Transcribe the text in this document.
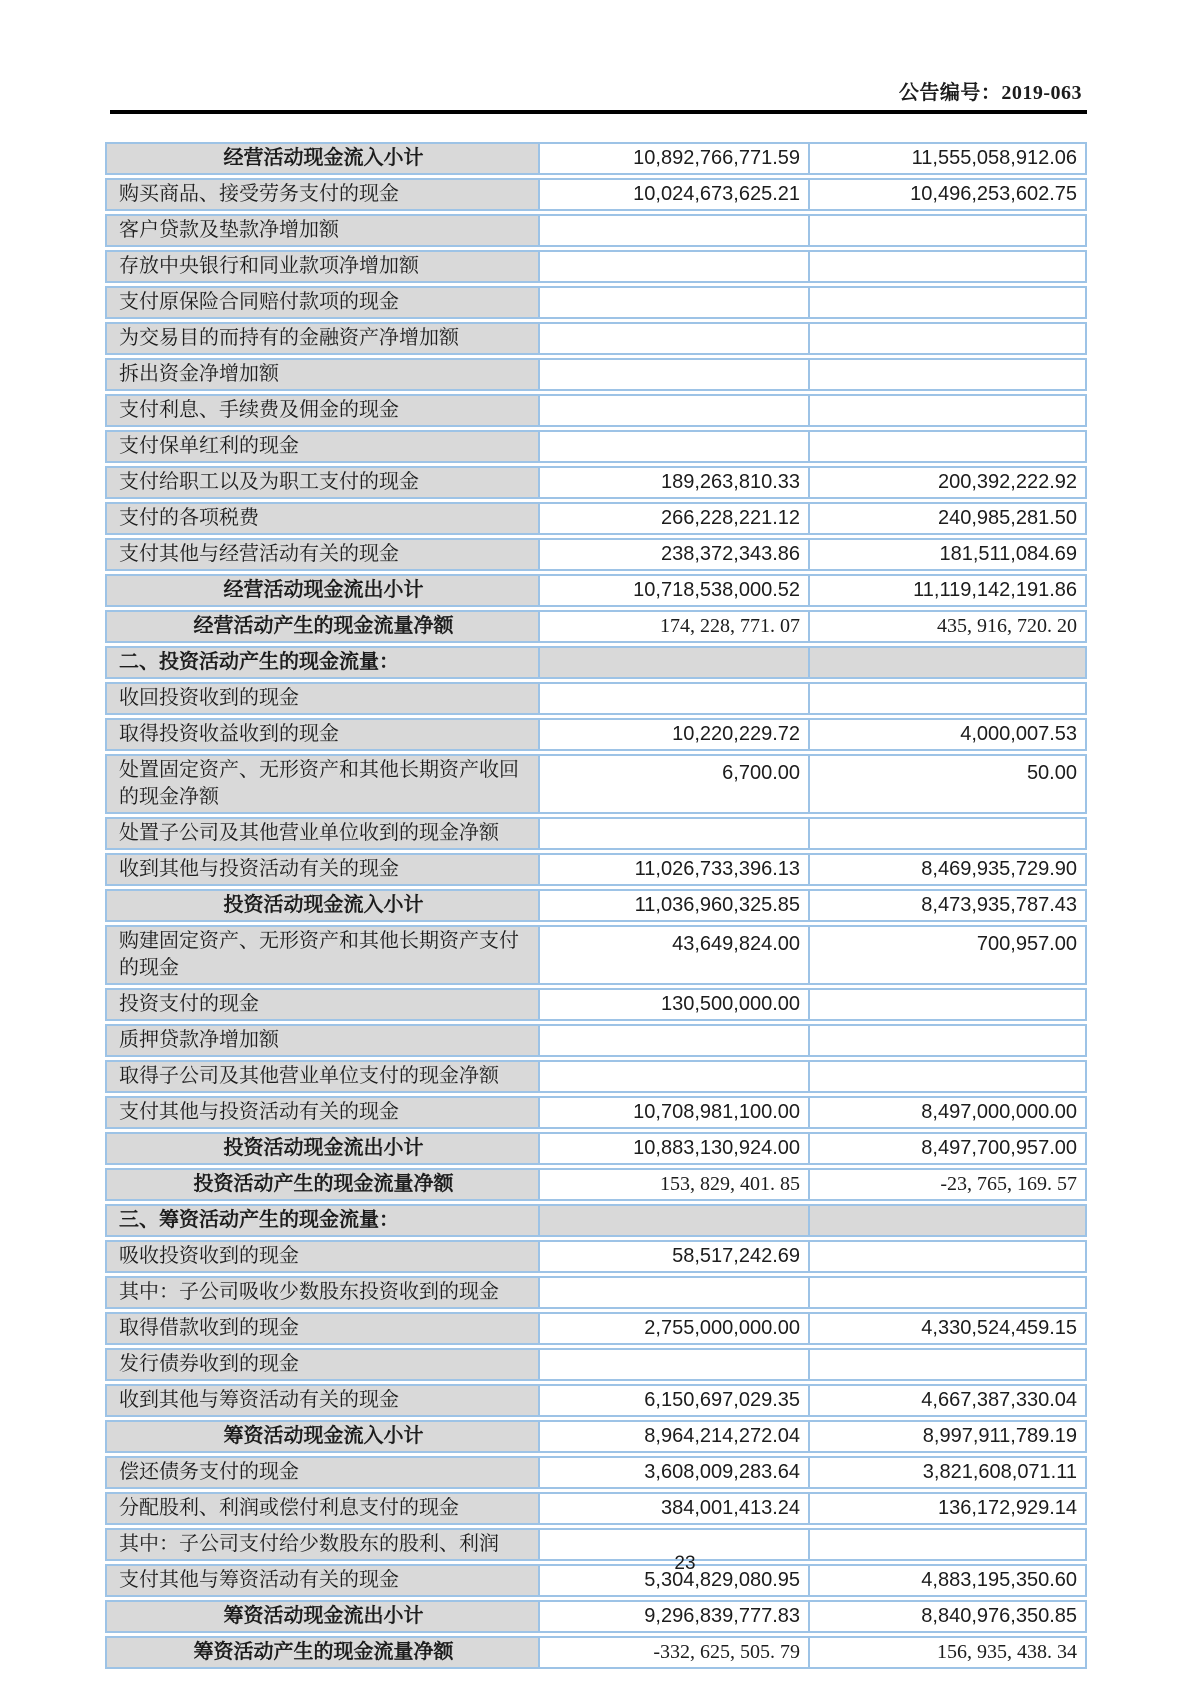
公告编号：2019-063
经营活动现金流入小计	10,892,766,771.59	11,555,058,912.06
购买商品、接受劳务支付的现金	10,024,673,625.21	10,496,253,602.75
客户贷款及垫款净增加额		
存放中央银行和同业款项净增加额		
支付原保险合同赔付款项的现金		
为交易目的而持有的金融资产净增加额		
拆出资金净增加额		
支付利息、手续费及佣金的现金		
支付保单红利的现金		
支付给职工以及为职工支付的现金	189,263,810.33	200,392,222.92
支付的各项税费	266,228,221.12	240,985,281.50
支付其他与经营活动有关的现金	238,372,343.86	181,511,084.69
经营活动现金流出小计	10,718,538,000.52	11,119,142,191.86
经营活动产生的现金流量净额	174, 228, 771. 07	435, 916, 720. 20
二、投资活动产生的现金流量：		
收回投资收到的现金		
取得投资收益收到的现金	10,220,229.72	4,000,007.53
处置固定资产、无形资产和其他长期资产收回的现金净额	6,700.00	50.00
处置子公司及其他营业单位收到的现金净额		
收到其他与投资活动有关的现金	11,026,733,396.13	8,469,935,729.90
投资活动现金流入小计	11,036,960,325.85	8,473,935,787.43
购建固定资产、无形资产和其他长期资产支付的现金	43,649,824.00	700,957.00
投资支付的现金	130,500,000.00	
质押贷款净增加额		
取得子公司及其他营业单位支付的现金净额		
支付其他与投资活动有关的现金	10,708,981,100.00	8,497,000,000.00
投资活动现金流出小计	10,883,130,924.00	8,497,700,957.00
投资活动产生的现金流量净额	153, 829, 401. 85	-23, 765, 169. 57
三、筹资活动产生的现金流量：		
吸收投资收到的现金	58,517,242.69	
其中：子公司吸收少数股东投资收到的现金		
取得借款收到的现金	2,755,000,000.00	4,330,524,459.15
发行债券收到的现金		
收到其他与筹资活动有关的现金	6,150,697,029.35	4,667,387,330.04
筹资活动现金流入小计	8,964,214,272.04	8,997,911,789.19
偿还债务支付的现金	3,608,009,283.64	3,821,608,071.11
分配股利、利润或偿付利息支付的现金	384,001,413.24	136,172,929.14
其中：子公司支付给少数股东的股利、利润		
支付其他与筹资活动有关的现金	5,304,829,080.95	4,883,195,350.60
筹资活动现金流出小计	9,296,839,777.83	8,840,976,350.85
筹资活动产生的现金流量净额	-332, 625, 505. 79	156, 935, 438. 34
23
